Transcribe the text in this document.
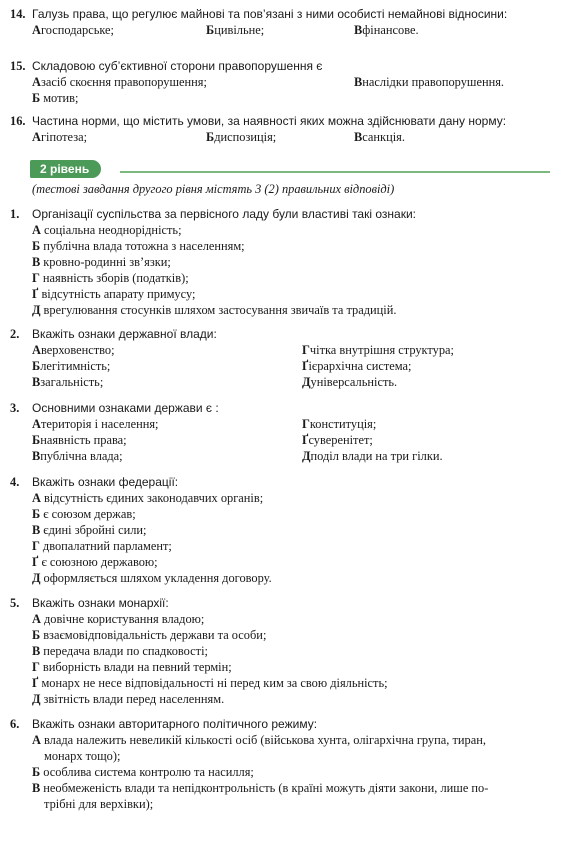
14. Галузь права, що регулює майнові та пов’язані з ними особисті немайнові відносини:
Агосподарське;	Бцивільне;	Вфінансове.
15. Складовою суб’єктивної сторони правопорушення є
Азасіб скоєння правопорушення;	Внаслідки правопорушення.
Б мотив;
16. Частина норми, що містить умови, за наявності яких можна здійснювати дану норму:
Агіпотеза;	Бдиспозиція;	Всанкція.
2 рівень
(тестові завдання другого рівня містять 3 (2) правильних відповіді)
1. Організації суспільства за первісного ладу були властиві такі ознаки:
А соціальна неоднорідність;
Б публічна влада тотожна з населенням;
В кровно-родинні зв’язки;
Г наявність зборів (податків);
Ґ відсутність апарату примусу;
Д врегулювання стосунків шляхом застосування звичаїв та традицій.
2. Вкажіть ознаки державної влади:
Аверховенство;	Гчітка внутрішня структура;
Блегітимність;	Ґієрархічна система;
Взагальність;	Дуніверсальність.
3. Основними ознаками держави є :
Атериторія і населення;	Гконституція;
Бнаявність права;	Ґсуверенітет;
Впублічна влада;	Дподіл влади на три гілки.
4. Вкажіть ознаки федерації:
А відсутність єдиних законодавчих органів;
Б є союзом держав;
В єдині збройні сили;
Г двопалатний парламент;
Ґ є союзною державою;
Д оформляється шляхом укладення договору.
5. Вкажіть ознаки монархії:
А довічне користування владою;
Б взаємовідповідальність держави та особи;
В передача влади по спадковості;
Г виборність влади на певний термін;
Ґ монарх не несе відповідальності ні перед ким за свою діяльність;
Д звітність влади перед населенням.
6. Вкажіть ознаки авторитарного політичного режиму:
А влада належить невеликій кількості осіб (військова хунта, олігархічна група, тиран,
монарх тощо);
Б особлива система контролю та насилля;
В необмеженість влади та непідконтрольність (в країні можуть діяти закони, лише по-
трібні для верхівки);
